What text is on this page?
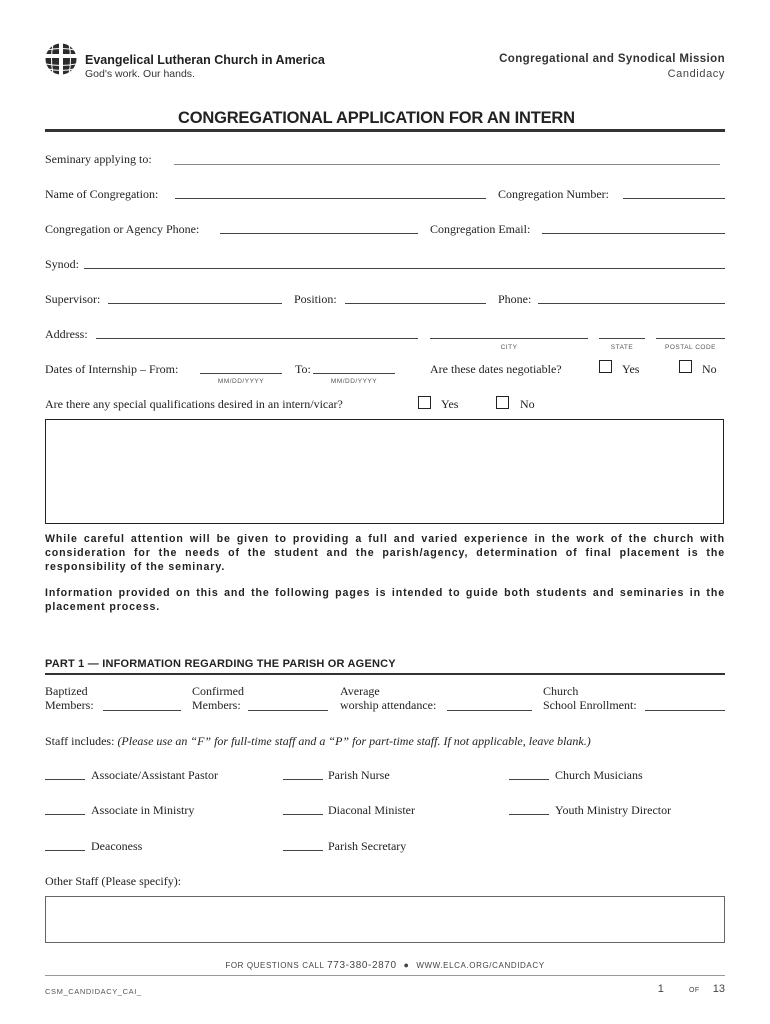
Evangelical Lutheran Church in America
God's work. Our hands.
Congregational and Synodical Mission
Candidacy
CONGREGATIONAL APPLICATION FOR AN INTERN
Seminary applying to:
Name of Congregation:	Congregation Number:
Congregation or Agency Phone:	Congregation Email:
Synod:
Supervisor:	Position:	Phone:
Address:
CITY	STATE	POSTAL CODE
Dates of Internship – From:
MM/DD/YYYY
To:
MM/DD/YYYY
Are these dates negotiable?	Yes	No
Are there any special qualifications desired in an intern/vicar?	Yes	No
While careful attention will be given to providing a full and varied experience in the work of the church with consideration for the needs of the student and the parish/agency, determination of final placement is the
responsibility of the seminary.
Information provided on this and the following pages is intended to guide both students and seminaries in the
placement process.
PART 1 — INFORMATION REGARDING THE PARISH OR AGENCY
Baptized
Members:
Confirmed
Members:
Average
worship attendance:
Church
School Enrollment:
Staff includes: (Please use an “F” for full-time staff and a “P” for part-time staff. If not applicable, leave blank.)
Associate/Assistant Pastor	Parish Nurse	Church Musicians
Associate in Ministry	Diaconal Minister	Youth Ministry Director
Deaconess	Parish Secretary
Other Staff (Please specify):
FOR QUESTIONS CALL 773-380-2870 ● WWW.ELCA.ORG/CANDIDACY
CSM_CANDIDACY_CAI_	1	OF 13
